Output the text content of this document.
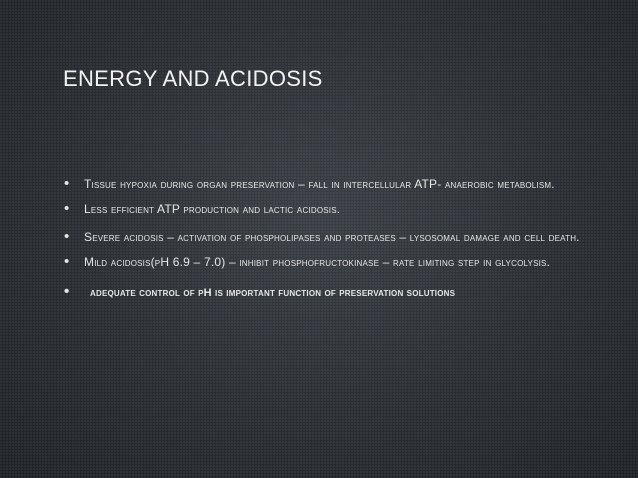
ENERGY AND ACIDOSIS
• Tissue hypoxia during organ preservation – fall in intercellular ATP- anaerobic metabolism.
• Less efficient ATP production and lactic acidosis.
• Severe acidosis – activation of phospholipases and proteases – lysosomal damage and cell death.
• Mild acidosis(pH 6.9 – 7.0) – inhibit phosphofructokinase – rate limiting step in glycolysis.
• adequate control of pH is important function of preservation solutions
